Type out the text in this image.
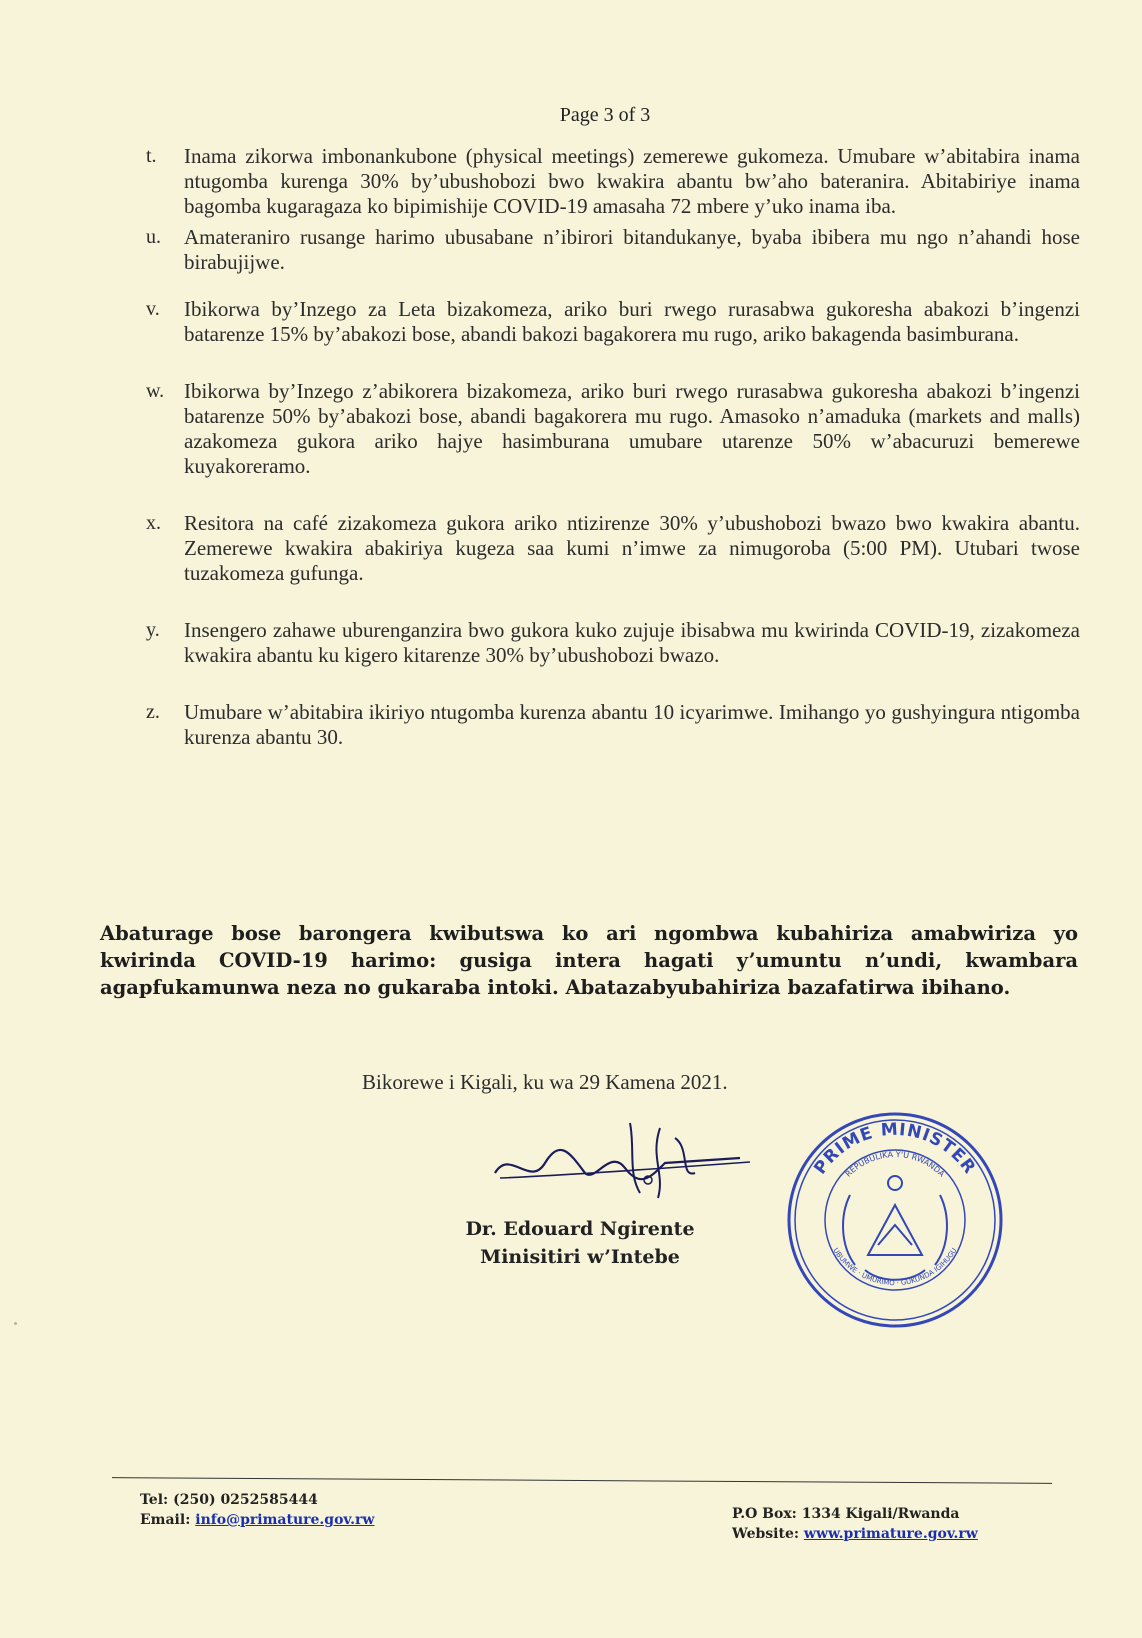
Page 3 of 3
t. Inama zikorwa imbonankubone (physical meetings) zemerewe gukomeza. Umubare w’abitabira inama ntugomba kurenga 30% by’ubushobozi bwo kwakira abantu bw’aho bateranira. Abitabiriye inama bagomba kugaragaza ko bipimishije COVID-19 amasaha 72 mbere y’uko inama iba.
u. Amateraniro rusange harimo ubusabane n’ibirori bitandukanye, byaba ibibera mu ngo n’ahandi hose birabujijwe.
v. Ibikorwa by’Inzego za Leta bizakomeza, ariko buri rwego rurasabwa gukoresha abakozi b’ingenzi batarenze 15% by’abakozi bose, abandi bakozi bagakorera mu rugo, ariko bakagenda basimburana.
w. Ibikorwa by’Inzego z’abikorera bizakomeza, ariko buri rwego rurasabwa gukoresha abakozi b’ingenzi batarenze 50% by’abakozi bose, abandi bagakorera mu rugo. Amasoko n’amaduka (markets and malls) azakomeza gukora ariko hajye hasimburana umubare utarenze 50% w’abacuruzi bemerewe kuyakoreramo.
x. Resitora na café zizakomeza gukora ariko ntizirenze 30% y’ubushobozi bwazo bwo kwakira abantu. Zemerewe kwakira abakiriya kugeza saa kumi n’imwe za nimugoroba (5:00 PM). Utubari twose tuzakomeza gufunga.
y. Insengero zahawe uburenganzira bwo gukora kuko zujuje ibisabwa mu kwirinda COVID-19, zizakomeza kwakira abantu ku kigero kitarenze 30% by’ubushobozi bwazo.
z. Umubare w’abitabira ikiriyo ntugomba kurenza abantu 10 icyarimwe. Imihango yo gushyingura ntigomba kurenza abantu 30.
Abaturage bose barongera kwibutswa ko ari ngombwa kubahiriza amabwiriza yo kwirinda COVID-19 harimo: gusiga intera hagati y’umuntu n’undi, kwambara agapfukamunwa neza no gukaraba intoki. Abatazabyubahiriza bazafatirwa ibihano.
Bikorewe i Kigali, ku wa 29 Kamena 2021.
Dr. Edouard Ngirente
Minisitiri w’Intebe
PRIME MINISTER
REPUBULIKA Y'U RWANDA
UBUMWE · UMURIMO · GUKUNDA IGIHUGU
Tel: (250) 0252585444
Email: info@primature.gov.rw	P.O Box: 1334 Kigali/Rwanda
Website: www.primature.gov.rw
